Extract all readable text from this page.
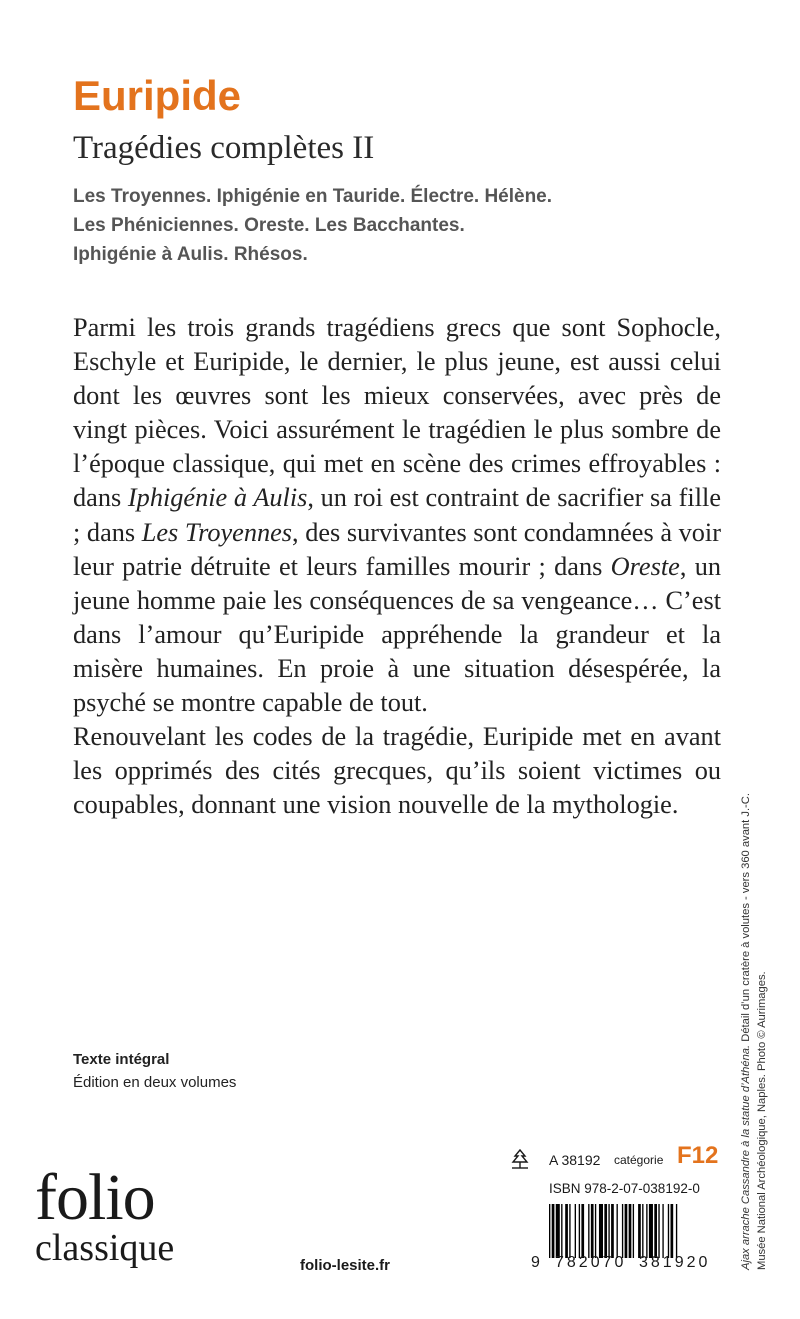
Euripide
Tragédies complètes II
Les Troyennes. Iphigénie en Tauride. Électre. Hélène.
Les Phéniciennes. Oreste. Les Bacchantes.
Iphigénie à Aulis. Rhésos.

Parmi les trois grands tragédiens grecs que sont Sophocle, Eschyle et Euripide, le dernier, le plus jeune, est aussi celui dont les œuvres sont les mieux conservées, avec près de vingt pièces. Voici assurément le tragédien le plus sombre de l’époque classique, qui met en scène des crimes effroyables : dans Iphigénie à Aulis, un roi est contraint de sacrifier sa fille ; dans Les Troyennes, des survivantes sont condamnées à voir leur patrie détruite et leurs familles mourir ; dans Oreste, un jeune homme paie les conséquences de sa vengeance… C’est dans l’amour qu’Euripide appréhende la grandeur et la misère humaines. En proie à une situation désespérée, la psyché se montre capable de tout.

Renouvelant les codes de la tragédie, Euripide met en avant les opprimés des cités grecques, qu’ils soient victimes ou coupables, donnant une vision nouvelle de la mythologie.

Texte intégral
Édition en deux volumes
folio
classique	folio-lesite.fr
A 38192 catégorie F12
ISBN 978-2-07-038192-0
9 782070 381920	Ajax arrache Cassandre à la statue d’Athéna. Détail d’un cratère à volutes - vers 360 avant J.-C.
Musée National Archéologique, Naples. Photo © Aurimages.
